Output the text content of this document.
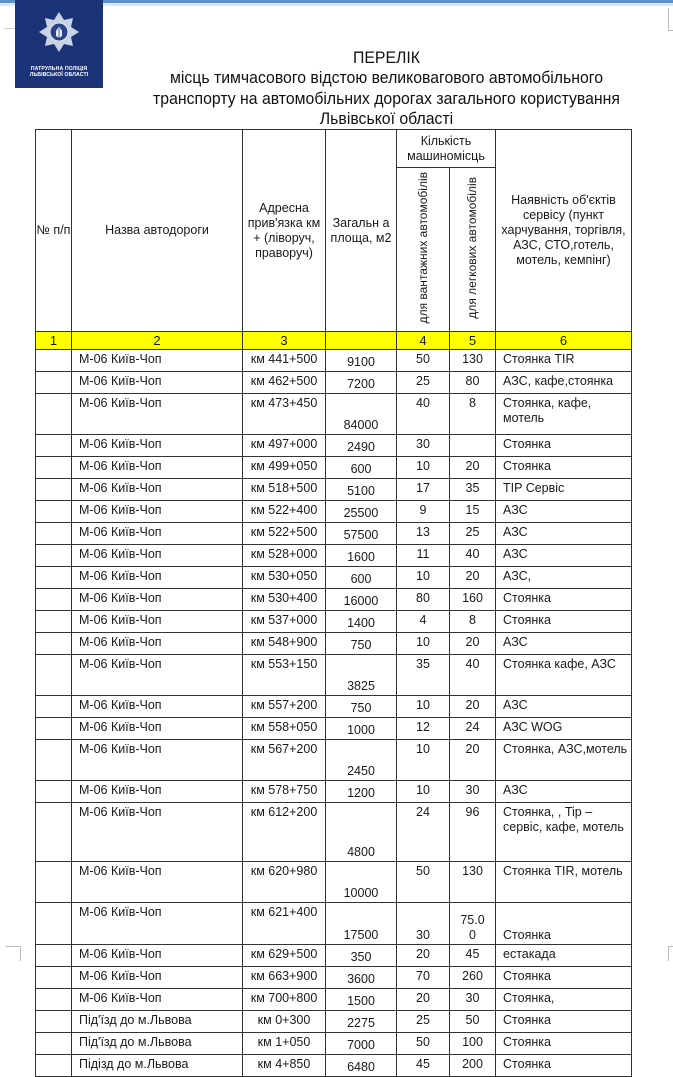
ПАТРУЛЬНА ПОЛІЦІЯ
ЛЬВІВСЬКОЇ ОБЛАСТІ
ПЕРЕЛІК
місць тимчасового відстою великовагового автомобільного
транспорту на автомобільних дорогах загального користування
Львівської області
№ п/п	Назва автодороги	Адресна прив'язка км + (ліворуч, праворуч)	Загальн а площа, м2	Кількість машиномісць		Наявність об'єктів сервісу (пункт харчування, торгівля, АЗС, СТО,готель, мотель, кемпінг)
				для вантажних автомобілів	для легкових автомобілів	
1	2	3		4	5	6
	М-06 Київ-Чоп	км 441+500	9100	50	130	Стоянка TIR
	М-06 Київ-Чоп	км 462+500	7200	25	80	АЗС, кафе,стоянка
	М-06 Київ-Чоп	км 473+450	84000	40	8	Стоянка, кафе, мотель
	М-06 Київ-Чоп	км 497+000	2490	30		Стоянка
	М-06 Київ-Чоп	км 499+050	600	10	20	Стоянка
	М-06 Київ-Чоп	км 518+500	5100	17	35	TIP Сервіс
	М-06 Київ-Чоп	км 522+400	25500	9	15	АЗС
	М-06 Київ-Чоп	км 522+500	57500	13	25	АЗС
	М-06 Київ-Чоп	км 528+000	1600	11	40	АЗС
	М-06 Київ-Чоп	км 530+050	600	10	20	АЗС,
	М-06 Київ-Чоп	км 530+400	16000	80	160	Стоянка
	М-06 Київ-Чоп	км 537+000	1400	4	8	Стоянка
	М-06 Київ-Чоп	км 548+900	750	10	20	АЗС
	М-06 Київ-Чоп	км 553+150	3825	35	40	Стоянка кафе, АЗС
	М-06 Київ-Чоп	км 557+200	750	10	20	АЗС
	М-06 Київ-Чоп	км 558+050	1000	12	24	АЗС WOG
	М-06 Київ-Чоп	км 567+200	2450	10	20	Стоянка, АЗС,мотель
	М-06 Київ-Чоп	км 578+750	1200	10	30	АЗС
	М-06 Київ-Чоп	км 612+200	4800	24	96	Стоянка, , Tip –сервіс, кафе, мотель
	М-06 Київ-Чоп	км 620+980	10000	50	130	Стоянка TIR, мотель
	М-06 Київ-Чоп	км 621+400	17500	30	75.00	Стоянка
	М-06 Київ-Чоп	км 629+500	350	20	45	естакада
	М-06 Київ-Чоп	км 663+900	3600	70	260	Стоянка
	М-06 Київ-Чоп	км 700+800	1500	20	30	Стоянка,
	Під'їзд до м.Львова	км 0+300	2275	25	50	Стоянка
	Під'їзд до м.Львова	км 1+050	7000	50	100	Стоянка
	Підізд до м.Львова	км 4+850	6480	45	200	Стоянка
